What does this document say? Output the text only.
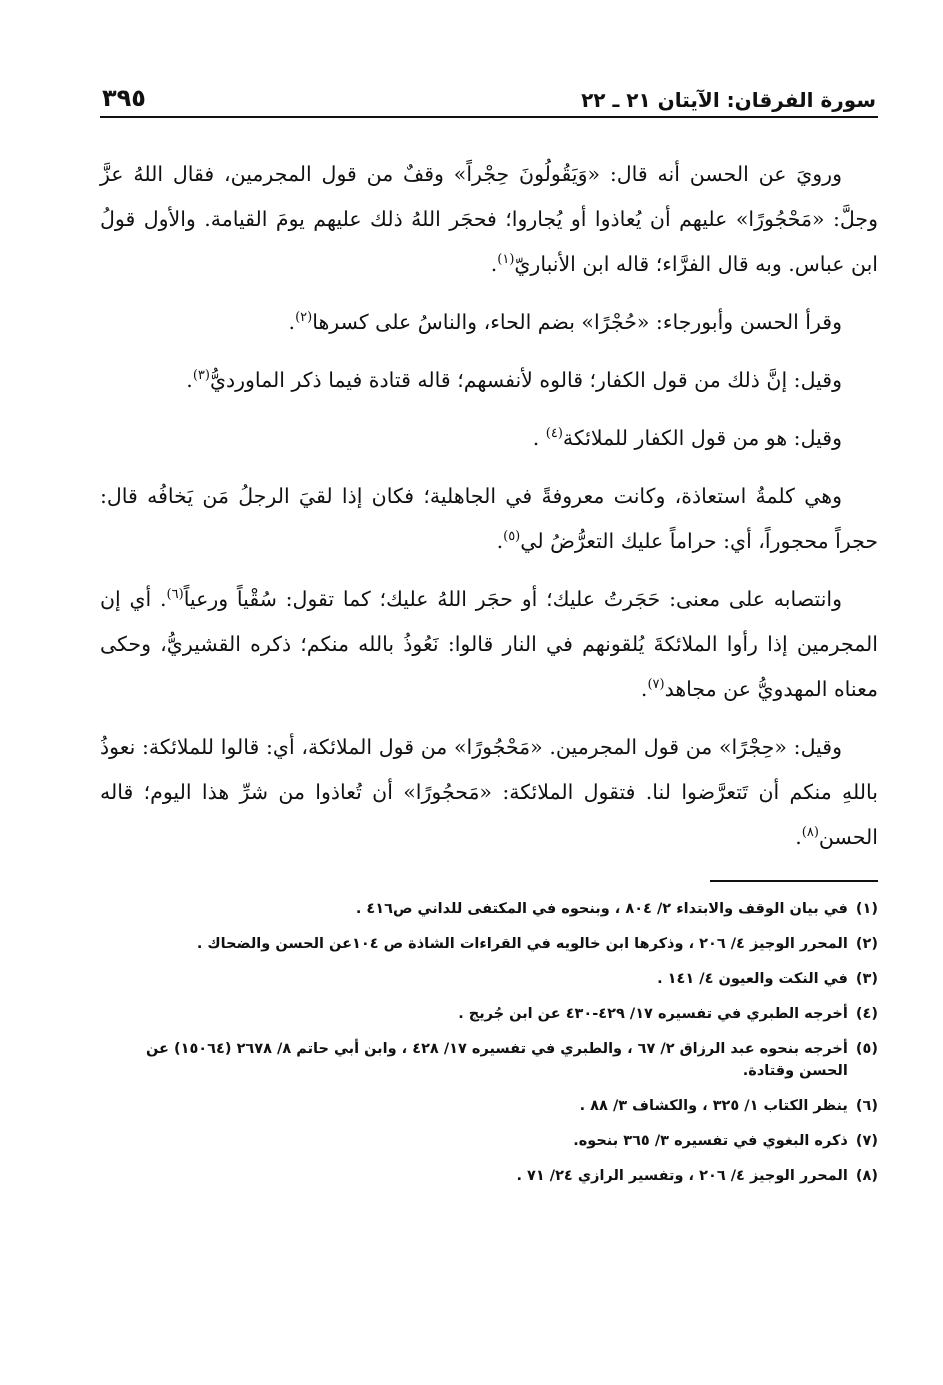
سورة الفرقان: الآيتان ٢١ ـ ٢٢
٣٩٥

ورويَ عن الحسن أنه قال: «وَيَقُولُونَ حِجْراً» وقفٌ من قول المجرمين، فقال اللهُ عزَّ وجلَّ: «مَحْجُورًا» عليهم أن يُعاذوا أو يُجاروا؛ فحجَر اللهُ ذلك عليهم يومَ القيامة. والأول قولُ ابن عباس. وبه قال الفرَّاء؛ قاله ابن الأنباريّ$^{(١)}$.

وقرأ الحسن وأبورجاء: «حُجْرًا» بضم الحاء، والناسُ على كسرها$^{(٢)}$.

وقيل: إنَّ ذلك من قول الكفار؛ قالوه لأنفسهم؛ قاله قتادة فيما ذكر الماورديُّ$^{(٣)}$.

وقيل: هو من قول الكفار للملائكة$^{(٤)}$ .

وهي كلمةُ استعاذة، وكانت معروفةً في الجاهلية؛ فكان إذا لقيَ الرجلُ مَن يَخافُه قال: حجراً محجوراً، أي: حراماً عليك التعرُّضُ لي$^{(٥)}$.

وانتصابه على معنى: حَجَرتُ عليك؛ أو حجَر اللهُ عليك؛ كما تقول: سُقْياً ورعياً$^{(٦)}$. أي إن المجرمين إذا رأوا الملائكةَ يُلقونهم في النار قالوا: نَعُوذُ بالله منكم؛ ذكره القشيريُّ، وحكى معناه المهدويُّ عن مجاهد$^{(٧)}$.

وقيل: «حِجْرًا» من قول المجرمين. «مَحْجُورًا» من قول الملائكة، أي: قالوا للملائكة: نعوذُ باللهِ منكم أن تَتعرَّضوا لنا. فتقول الملائكة: «مَحجُورًا» أن تُعاذوا من شرِّ هذا اليوم؛ قاله الحسن$^{(٨)}$.

(١)
في بيان الوقف والابتداء ٢/ ٨٠٤ ، وبنحوه في المكتفى للداني ص٤١٦ .
(٢)
المحرر الوجيز ٤/ ٢٠٦ ، وذكرها ابن خالويه في القراءات الشاذة ص ١٠٤عن الحسن والضحاك .
(٣)
في النكت والعيون ٤/ ١٤١ .
(٤)
أخرجه الطبري في تفسيره ١٧/ ٤٢٩-٤٣٠ عن ابن جُريج .
(٥)
أخرجه بنحوه عبد الرزاق ٢/ ٦٧ ، والطبري في تفسيره ١٧/ ٤٢٨ ، وابن أبي حاتم ٨/ ٢٦٧٨ (١٥٠٦٤) عن الحسن وقتادة.
(٦)
ينظر الكتاب ١/ ٣٢٥ ، والكشاف ٣/ ٨٨ .
(٧)
ذكره البغوي في تفسيره ٣/ ٣٦٥ بنحوه.
(٨)
المحرر الوجيز ٤/ ٢٠٦ ، وتفسير الرازي ٢٤/ ٧١ .
